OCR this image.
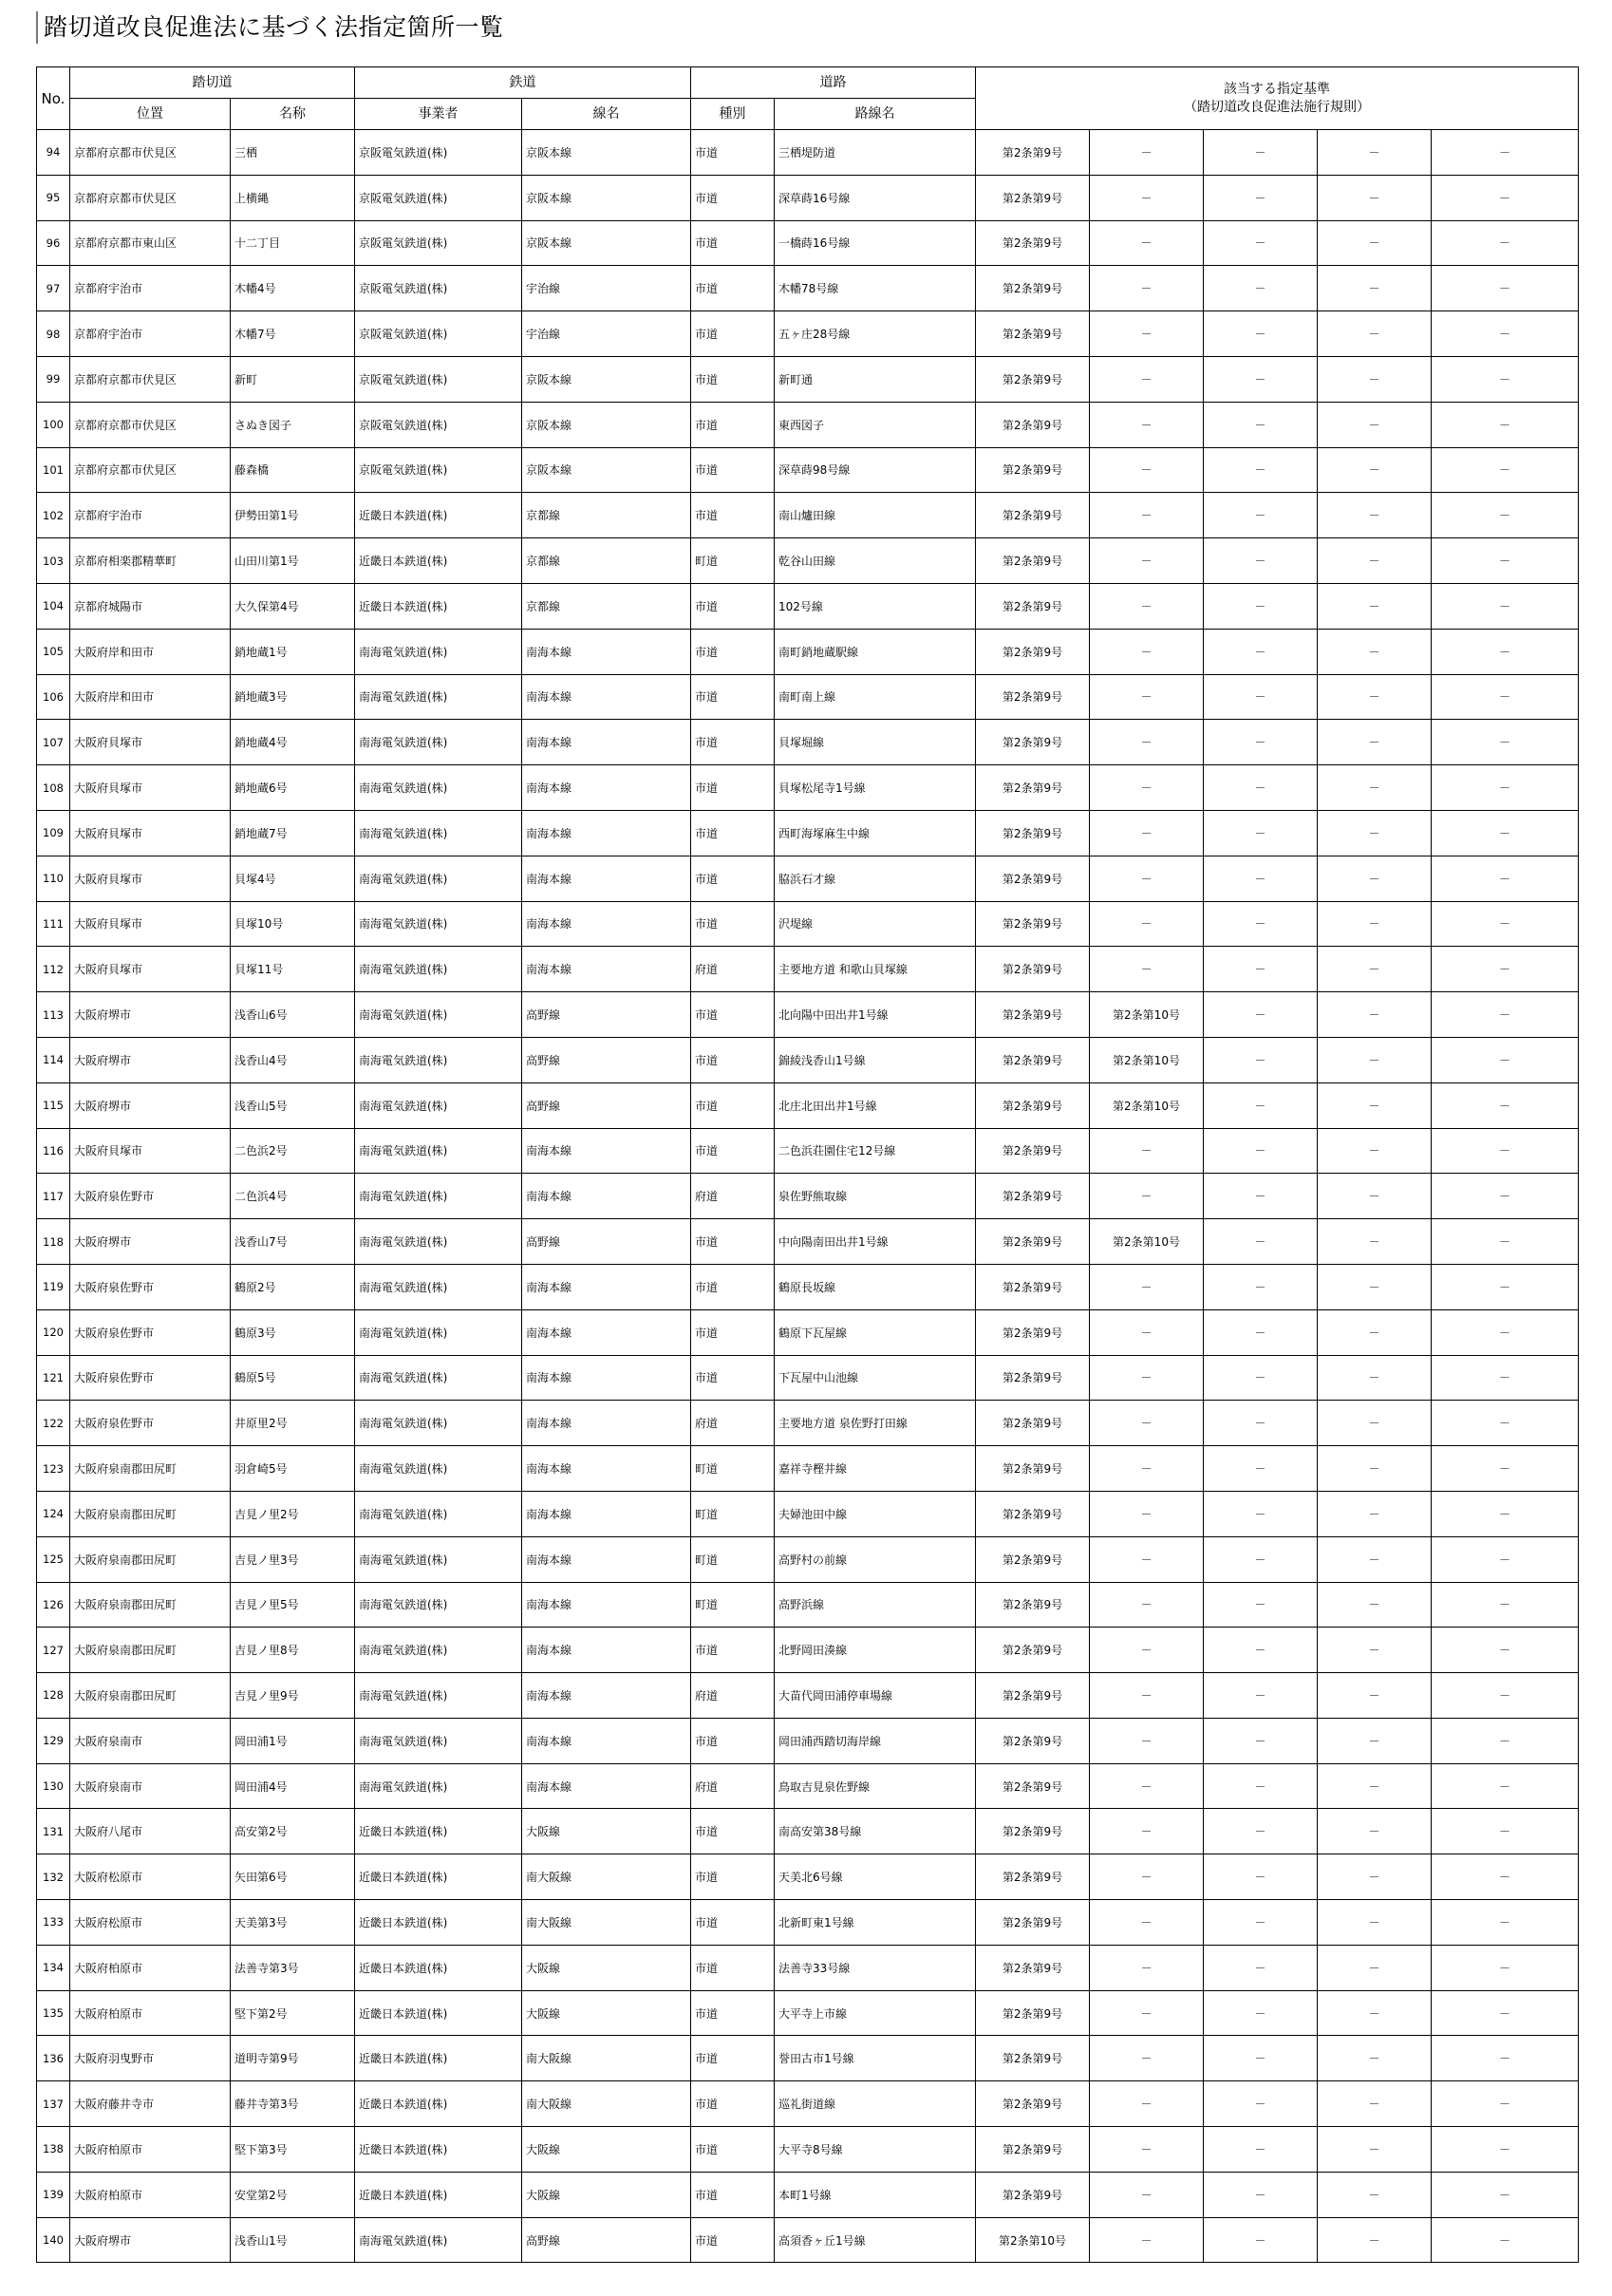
踏切道改良促進法に基づく法指定箇所一覧
No.	踏切道		鉄道		道路		該当する指定基準
（踏切道改良促進法施行規則）				

	位置	名称	事業者	線名	種別	路線名					
94	京都府京都市伏見区	三栖	京阪電気鉄道(株)	京阪本線	市道	三栖堤防道	第2条第9号	－	－	－	－
95	京都府京都市伏見区	上横縄	京阪電気鉄道(株)	京阪本線	市道	深草蒔16号線	第2条第9号	－	－	－	－
96	京都府京都市東山区	十二丁目	京阪電気鉄道(株)	京阪本線	市道	一橋蒔16号線	第2条第9号	－	－	－	－
97	京都府宇治市	木幡4号	京阪電気鉄道(株)	宇治線	市道	木幡78号線	第2条第9号	－	－	－	－
98	京都府宇治市	木幡7号	京阪電気鉄道(株)	宇治線	市道	五ヶ庄28号線	第2条第9号	－	－	－	－
99	京都府京都市伏見区	新町	京阪電気鉄道(株)	京阪本線	市道	新町通	第2条第9号	－	－	－	－
100	京都府京都市伏見区	さぬき図子	京阪電気鉄道(株)	京阪本線	市道	東西図子	第2条第9号	－	－	－	－
101	京都府京都市伏見区	藤森橋	京阪電気鉄道(株)	京阪本線	市道	深草蒔98号線	第2条第9号	－	－	－	－
102	京都府宇治市	伊勢田第1号	近畿日本鉄道(株)	京都線	市道	南山爐田線	第2条第9号	－	－	－	－
103	京都府相楽郡精華町	山田川第1号	近畿日本鉄道(株)	京都線	町道	乾谷山田線	第2条第9号	－	－	－	－
104	京都府城陽市	大久保第4号	近畿日本鉄道(株)	京都線	市道	102号線	第2条第9号	－	－	－	－
105	大阪府岸和田市	銷地蔵1号	南海電気鉄道(株)	南海本線	市道	南町銷地蔵駅線	第2条第9号	－	－	－	－
106	大阪府岸和田市	銷地蔵3号	南海電気鉄道(株)	南海本線	市道	南町南上線	第2条第9号	－	－	－	－
107	大阪府貝塚市	銷地蔵4号	南海電気鉄道(株)	南海本線	市道	貝塚堀線	第2条第9号	－	－	－	－
108	大阪府貝塚市	銷地蔵6号	南海電気鉄道(株)	南海本線	市道	貝塚松尾寺1号線	第2条第9号	－	－	－	－
109	大阪府貝塚市	銷地蔵7号	南海電気鉄道(株)	南海本線	市道	西町海塚麻生中線	第2条第9号	－	－	－	－
110	大阪府貝塚市	貝塚4号	南海電気鉄道(株)	南海本線	市道	脇浜石才線	第2条第9号	－	－	－	－
111	大阪府貝塚市	貝塚10号	南海電気鉄道(株)	南海本線	市道	沢堤線	第2条第9号	－	－	－	－
112	大阪府貝塚市	貝塚11号	南海電気鉄道(株)	南海本線	府道	主要地方道 和歌山貝塚線	第2条第9号	－	－	－	－
113	大阪府堺市	浅香山6号	南海電気鉄道(株)	高野線	市道	北向陽中田出井1号線	第2条第9号	第2条第10号	－	－	－
114	大阪府堺市	浅香山4号	南海電気鉄道(株)	高野線	市道	錦綾浅香山1号線	第2条第9号	第2条第10号	－	－	－
115	大阪府堺市	浅香山5号	南海電気鉄道(株)	高野線	市道	北庄北田出井1号線	第2条第9号	第2条第10号	－	－	－
116	大阪府貝塚市	二色浜2号	南海電気鉄道(株)	南海本線	市道	二色浜荘園住宅12号線	第2条第9号	－	－	－	－
117	大阪府泉佐野市	二色浜4号	南海電気鉄道(株)	南海本線	府道	泉佐野熊取線	第2条第9号	－	－	－	－
118	大阪府堺市	浅香山7号	南海電気鉄道(株)	高野線	市道	中向陽南田出井1号線	第2条第9号	第2条第10号	－	－	－
119	大阪府泉佐野市	鶴原2号	南海電気鉄道(株)	南海本線	市道	鶴原長坂線	第2条第9号	－	－	－	－
120	大阪府泉佐野市	鶴原3号	南海電気鉄道(株)	南海本線	市道	鶴原下瓦屋線	第2条第9号	－	－	－	－
121	大阪府泉佐野市	鶴原5号	南海電気鉄道(株)	南海本線	市道	下瓦屋中山池線	第2条第9号	－	－	－	－
122	大阪府泉佐野市	井原里2号	南海電気鉄道(株)	南海本線	府道	主要地方道 泉佐野打田線	第2条第9号	－	－	－	－
123	大阪府泉南郡田尻町	羽倉崎5号	南海電気鉄道(株)	南海本線	町道	嘉祥寺樫井線	第2条第9号	－	－	－	－
124	大阪府泉南郡田尻町	吉見ノ里2号	南海電気鉄道(株)	南海本線	町道	夫婦池田中線	第2条第9号	－	－	－	－
125	大阪府泉南郡田尻町	吉見ノ里3号	南海電気鉄道(株)	南海本線	町道	高野村の前線	第2条第9号	－	－	－	－
126	大阪府泉南郡田尻町	吉見ノ里5号	南海電気鉄道(株)	南海本線	町道	高野浜線	第2条第9号	－	－	－	－
127	大阪府泉南郡田尻町	吉見ノ里8号	南海電気鉄道(株)	南海本線	市道	北野岡田湊線	第2条第9号	－	－	－	－
128	大阪府泉南郡田尻町	吉見ノ里9号	南海電気鉄道(株)	南海本線	府道	大苗代岡田浦停車場線	第2条第9号	－	－	－	－
129	大阪府泉南市	岡田浦1号	南海電気鉄道(株)	南海本線	市道	岡田浦西踏切海岸線	第2条第9号	－	－	－	－
130	大阪府泉南市	岡田浦4号	南海電気鉄道(株)	南海本線	府道	鳥取吉見泉佐野線	第2条第9号	－	－	－	－
131	大阪府八尾市	高安第2号	近畿日本鉄道(株)	大阪線	市道	南高安第38号線	第2条第9号	－	－	－	－
132	大阪府松原市	矢田第6号	近畿日本鉄道(株)	南大阪線	市道	天美北6号線	第2条第9号	－	－	－	－
133	大阪府松原市	天美第3号	近畿日本鉄道(株)	南大阪線	市道	北新町東1号線	第2条第9号	－	－	－	－
134	大阪府柏原市	法善寺第3号	近畿日本鉄道(株)	大阪線	市道	法善寺33号線	第2条第9号	－	－	－	－
135	大阪府柏原市	堅下第2号	近畿日本鉄道(株)	大阪線	市道	大平寺上市線	第2条第9号	－	－	－	－
136	大阪府羽曳野市	道明寺第9号	近畿日本鉄道(株)	南大阪線	市道	誉田古市1号線	第2条第9号	－	－	－	－
137	大阪府藤井寺市	藤井寺第3号	近畿日本鉄道(株)	南大阪線	市道	巡礼街道線	第2条第9号	－	－	－	－
138	大阪府柏原市	堅下第3号	近畿日本鉄道(株)	大阪線	市道	大平寺8号線	第2条第9号	－	－	－	－
139	大阪府柏原市	安堂第2号	近畿日本鉄道(株)	大阪線	市道	本町1号線	第2条第9号	－	－	－	－
140	大阪府堺市	浅香山1号	南海電気鉄道(株)	高野線	市道	高須香ヶ丘1号線	第2条第10号	－	－	－	－
